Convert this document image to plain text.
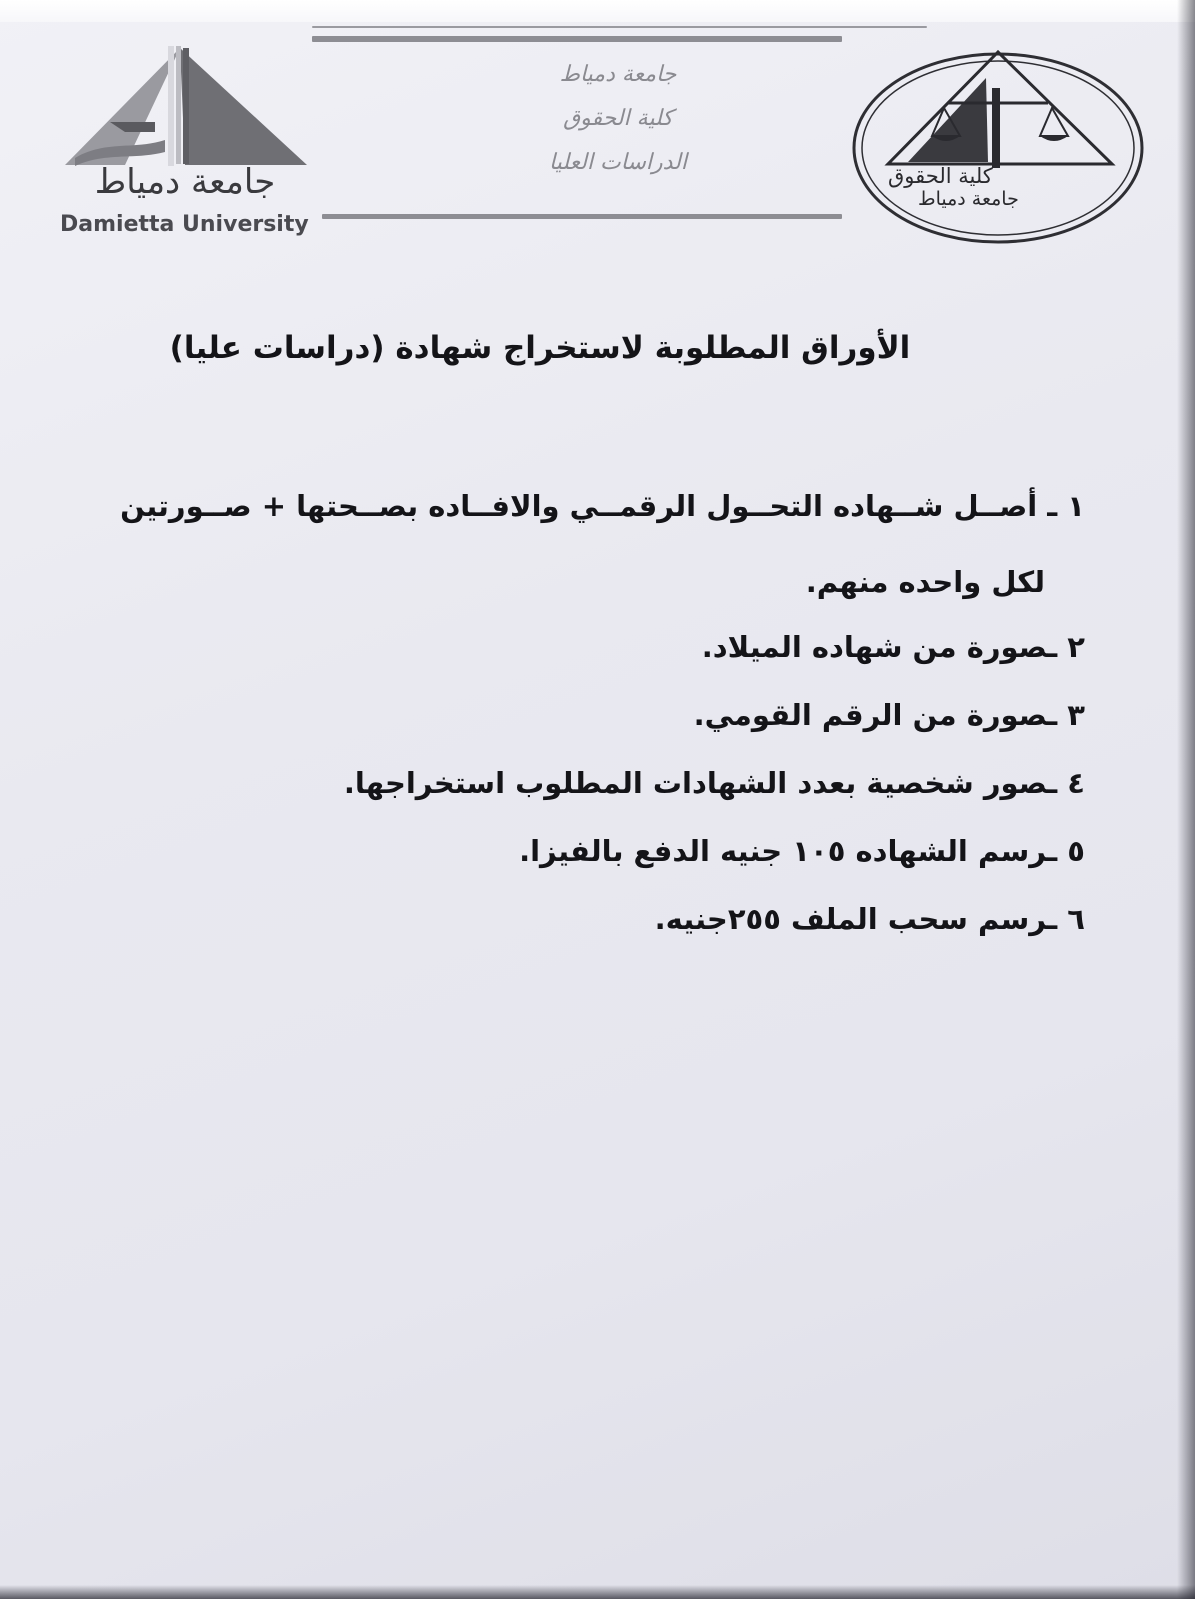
جامعة دمياط
Damietta University
جامعة دمياط
كلية الحقوق
الدراسات العليا
كلية الحقوق
جامعة دمياط
الأوراق المطلوبة لاستخراج شهادة (دراسات عليا)
١ ـ أصــل شــهاده التحــول الرقمــي والافــاده بصــحتها + صــورتين
لكل واحده منهم.
٢ ـصورة من شهاده الميلاد.
٣ ـصورة من الرقم القومي.
٤ ـصور شخصية بعدد الشهادات المطلوب استخراجها.
٥ ـرسم الشهاده ١٠٥ جنيه الدفع بالفيزا.
٦ ـرسم سحب الملف ٢٥٥جنيه.
